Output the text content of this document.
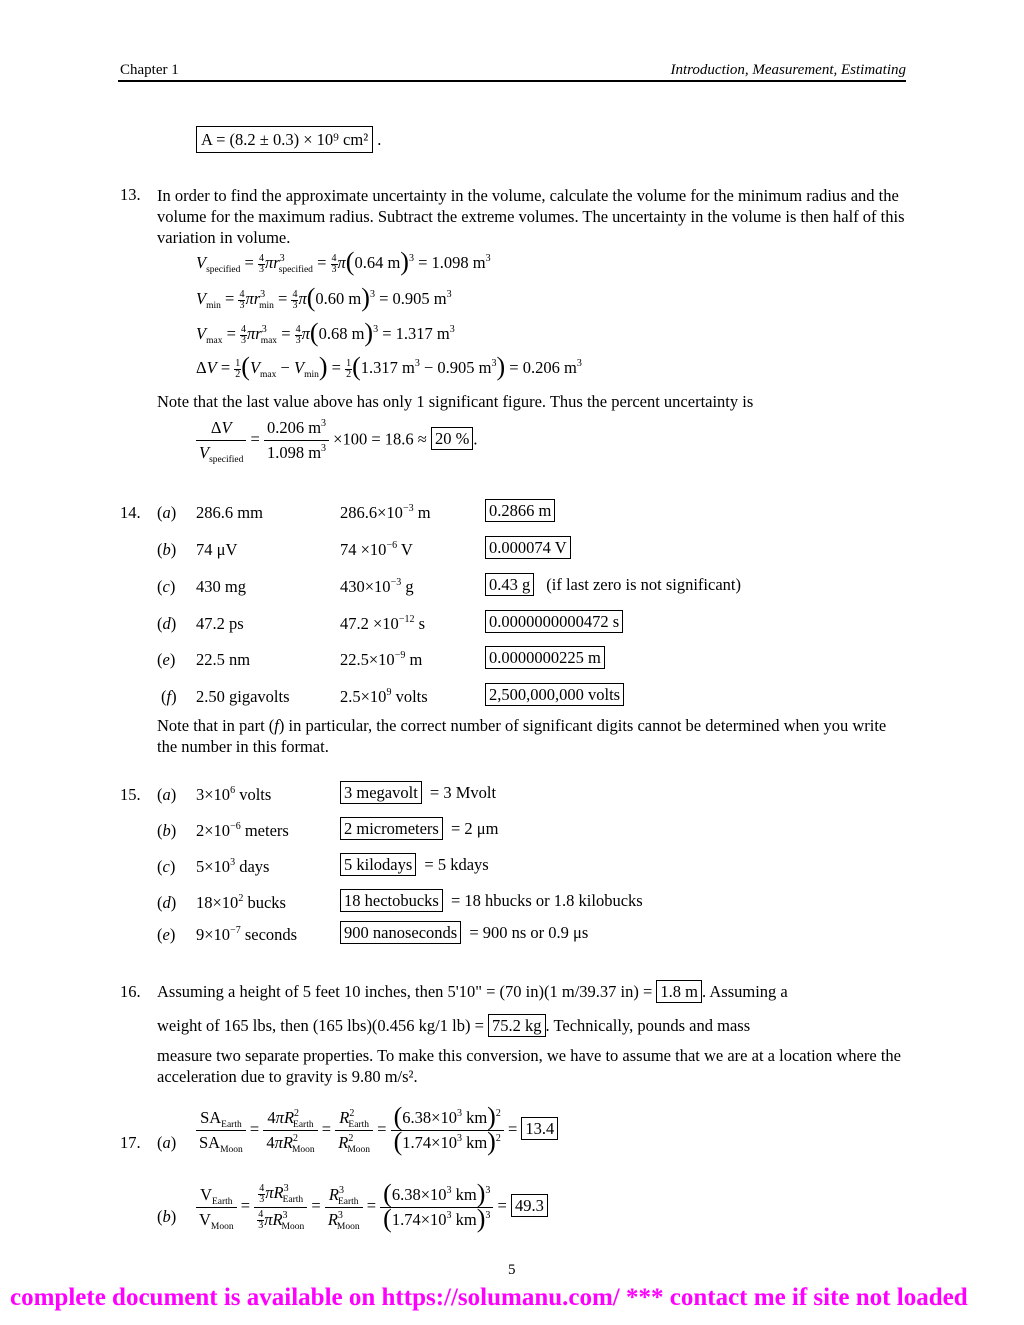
Chapter 1	Introduction, Measurement, Estimating
A = (8.2 ± 0.3) × 10⁹ cm² .
13. In order to find the approximate uncertainty in the volume, calculate the volume for the minimum radius and the volume for the maximum radius. Subtract the extreme volumes. The uncertainty in the volume is then half of this variation in volume.
$V_{specified} = \frac{4}{3} \pi r^3_{specified} = \frac{4}{3} \pi(0.64$ m)$^3$ = 1.098 $m^3$
$V_{min} = \frac{4}{3} \pi r^3_{min} = \frac{4}{3} \pi(0.60$ m)$^3$ = 0.905 $m^3$
$V_{max} = \frac{4}{3} \pi r^3_{max} = \frac{4}{3} \pi(0.68$ m)$^3$ = 1.317 $m^3$
$\Delta V = \frac{1}{2} (V_{max} - V_{min}) = \frac{1}{2} (1.317$ $m^3 - 0.905$ $m^3) = 0.206$ $m^3$
Note that the last value above has only 1 significant figure. Thus the percent uncertainty is
$\frac{\Delta V}{V_{specified}} = \frac{0.206 m^3}{1.098 m^3} \times 100 = 18.6 \approx 20$ % .
14. (a) 286.6 mm	$286.6\times 10^{-3}$ m	0.2866 m
(b) 74 μV	$74 \times 10^{-6}$ V	0.000074 V
(c) 430 mg	$430\times 10^{-3}$ g	0.43 g (if last zero is not significant)
(d) 47.2 ps	$47.2 \times 10^{-12}$ s	0.0000000000472 s
(e) 22.5 nm	$22.5\times 10^{-9}$ m	0.0000000225 m
(f) 2.50 gigavolts	$2.5\times 10^9$ volts	2,500,000,000 volts
Note that in part (f) in particular, the correct number of significant digits cannot be determined when you write the number in this format.
15. (a) $3\times 10^6$ volts	3 megavolt = 3 Mvolt
(b) $2\times 10^{-6}$ meters	2 micrometers = 2 μm
(c) $5\times 10^3$ days	5 kilodays = 5 kdays
(d) $18\times 10^2$ bucks	18 hectobucks = 18 hbucks or 1.8 kilobucks
(e) $9\times 10^{-7}$ seconds	900 nanoseconds = 900 ns or 0.9 μs
16. Assuming a height of 5 feet 10 inches, then 5'10" = (70 in)(1 m/39.37 in) = 1.8 m . Assuming a
weight of 165 lbs, then (165 lbs)(0.456 kg/1 lb) = 75.2 kg . Technically, pounds and mass
measure two separate properties. To make this conversion, we have to assume that we are at a location where the acceleration due to gravity is 9.80 m/s².
17. $(a) \frac{SA_{Earth}}{SA_{Moon}} = \frac{4\pi R^2_{Earth}}{4\pi R^2_{Moon}} = \frac{R^2_{Earth}}{R^2_{Moon}} = \frac{(6.38\times 10^3 km)^2}{(1.74\times 10^3 km)^2} = 13.4$
$(b) \frac{V_{Earth}}{V_{Moon}} = \frac{\frac{4}{3} \pi R^3_{Earth}}{\frac{4}{3} \pi R^3_{Moon}} = \frac{R^3_{Earth}}{R^3_{Moon}} = \frac{(6.38\times 10^3 km)^3}{(1.74\times 10^3 km)^3} = 49.3$
5
complete document is available on https://solumanu.com/ *** contact me if site not loaded
